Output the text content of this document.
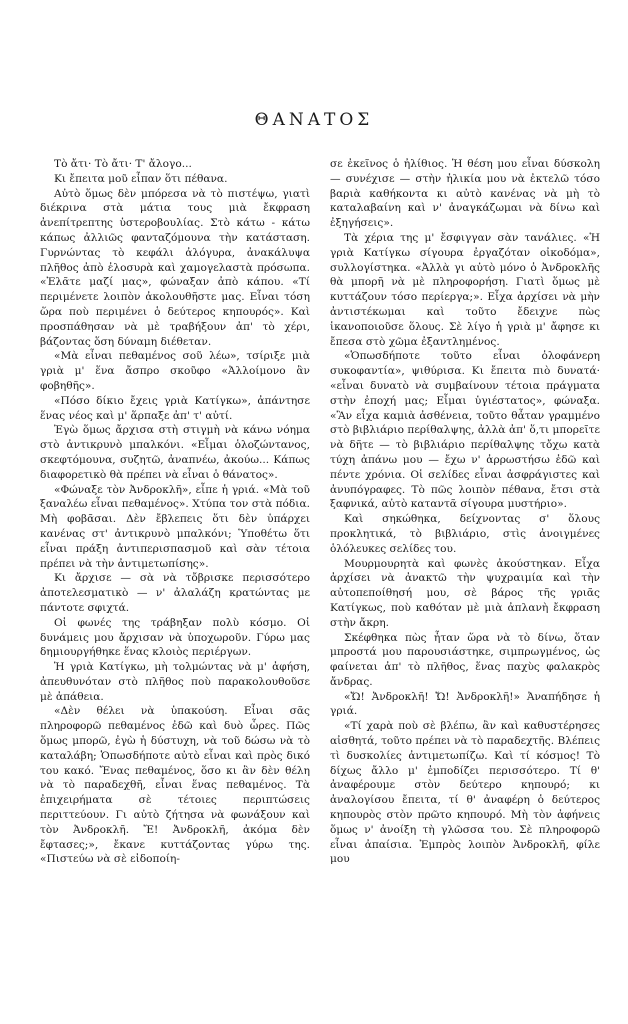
ΘΑΝΑΤΟΣ

Τὸ ἄτι· Τὸ ἄτι· Τ' ἄλογο...

Κι ἔπειτα μοῦ εἶπαν ὅτι πέθανα.

Αὐτὸ ὅμως δὲν μπόρεσα νὰ τὸ πιστέψω, γιατὶ διέκρινα στὰ μάτια τους μιὰ ἔκφραση ἀνεπίτρεπτης ὑστεροβουλίας. Στὸ κάτω - κάτω κάπως ἀλλιῶς φανταζόμουνα τὴν κατάσταση. Γυρνώντας τὸ κεφάλι ἀλόγυρα, ἀνακάλυψα πλῆθος ἀπὸ ἐλοσυρὰ καὶ χαμογελαστὰ πρόσωπα. «Ἐλᾶτε μαζί μας», φώναξαν ἀπὸ κάπου. «Τί περιμένετε λοιπὸν ἀκολουθῆστε μας. Εἶναι τόση ὥρα ποὺ περιμένει ὁ δεύτερος κηπουρός». Καὶ προσπάθησαν νὰ μὲ τραβήξουν ἀπ' τὸ χέρι, βάζοντας ὅση δύναμη διέθεταν.

«Μὰ εἶναι πεθαμένος σοῦ λέω», τσίριξε μιὰ γριὰ μ' ἕνα ἄσπρο σκοῦφο «Ἀλλοίμονο ἂν φοβηθῆς».

«Πόσο δίκιο ἔχεις γριὰ Κατίγκω», ἀπάντησε ἕνας νέος καὶ μ' ἅρπαξε ἀπ' τ' αὐτί.

Ἐγὼ ὅμως ἄρχισα στὴ στιγμὴ νὰ κάνω νόημα στὸ ἀντικρυνὸ μπαλκόνι. «Εἶμαι ὁλοζώντανος, σκεφτόμουνα, συζητῶ, ἀναπνέω, ἀκούω... Κάπως διαφορετικὸ θὰ πρέπει νὰ εἶναι ὁ θάνατος».

«Φώναξε τὸν Ἀνδροκλῆ», εἶπε ἡ γριά. «Μὰ τοῦ ξαναλέω εἶναι πεθαμένος». Χτύπα τον στὰ πόδια. Μὴ φοβᾶσαι. Δὲν ἔβλεπεις ὅτι δὲν ὑπάρχει κανένας στ' ἀντικρυνὸ μπαλκόνι; Ὑποθέτω ὅτι εἶναι πράξη ἀντιπερισπασμοῦ καὶ σὰν τέτοια πρέπει νὰ τὴν ἀντιμετωπίσης».

Κι ἄρχισε — σὰ νὰ τὄβρισκε περισσότερο ἀποτελεσματικὸ — ν' ἀλαλάζη κρατώντας με πάντοτε σφιχτά.

Οἱ φωνές της τράβηξαν πολὺ κόσμο. Οἱ δυνάμεις μου ἄρχισαν νὰ ὑποχωροῦν. Γύρω μας δημιουργήθηκε ἕνας κλοιὸς περιέργων.

Ἡ γριὰ Κατίγκω, μὴ τολμώντας νὰ μ' ἀφήση, ἀπευθυνόταν στὸ πλῆθος ποὺ παρακολουθοῦσε μὲ ἀπάθεια.

«Δὲν θέλει νὰ ὑπακούση. Εἶναι σᾶς πληροφορῶ πεθαμένος ἐδῶ καὶ δυὸ ὧρες. Πῶς ὅμως μπορῶ, ἐγὼ ἡ δύστυχη, νὰ τοῦ δώσω νὰ τὸ καταλάβη; Ὁπωσδήποτε αὐτὸ εἶναι καὶ πρὸς δικό του κακό. Ἔνας πεθαμένος, ὅσο κι ἂν δὲν θέλη νὰ τὸ παραδεχθῆ, εἶναι ἕνας πεθαμένος. Τὰ ἐπιχειρήματα σὲ τέτοιες περιπτώσεις περιττεύουν. Γι αὐτὸ ζήτησα νὰ φωνάξουν καὶ τὸν Ἀνδροκλῆ. Ἔ! Ἀνδροκλῆ, ἀκόμα δὲν ἔφτασες;», ἔκανε κυττάζοντας γύρω της. «Πιστεύω νὰ σὲ εἰδοποίη-

σε ἐκεῖνος ὁ ἠλίθιος. Ἡ θέση μου εἶναι δύσκολη — συνέχισε — στὴν ἡλικία μου νὰ ἐκτελῶ τόσο βαριὰ καθήκοντα κι αὐτὸ κανένας νὰ μὴ τὸ καταλαβαίνη καὶ ν' ἀναγκάζωμαι νὰ δίνω καὶ ἐξηγήσεις».

Τὰ χέρια της μ' ἔσφιγγαν σὰν τανάλιες. «Ἡ γριὰ Κατίγκω σίγουρα ἐργαζόταν οἰκοδόμα», συλλογίστηκα. «Ἀλλὰ γι αὐτὸ μόνο ὁ Ἀνδροκλῆς θὰ μπορῆ νὰ μὲ πληροφορήση. Γιατὶ ὅμως μὲ κυττάζουν τόσο περίεργα;». Εἶχα ἀρχίσει νὰ μὴν ἀντιστέκωμαι καὶ τοῦτο ἔδειχνε πὼς ἱκανοποιοῦσε ὅλους. Σὲ λίγο ἡ γριὰ μ' ἄφησε κι ἔπεσα στὸ χῶμα ἐξαντλημένος.

«Ὁπωσδήποτε τοῦτο εἶναι ὁλοφάνερη συκοφαντία», ψιθύρισα. Κι ἔπειτα πιὸ δυνατά· «εἶναι δυνατὸ νὰ συμβαίνουν τέτοια πράγματα στὴν ἐποχή μας; Εἶμαι ὑγιέστατος», φώναξα. «Ἂν εἶχα καμιὰ ἀσθένεια, τοῦτο θἆταν γραμμένο στὸ βιβλιάριο περίθαλψης, ἀλλὰ ἀπ' ὅ,τι μπορεῖτε νὰ δῆτε — τὸ βιβλιάριο περίθαλψης τὄχω κατὰ τύχη ἀπάνω μου — ἔχω ν' ἀρρωστήσω ἐδῶ καὶ πέντε χρόνια. Οἱ σελίδες εἶναι ἀσφράγιστες καὶ ἀνυπόγραφες. Τὸ πῶς λοιπὸν πέθανα, ἔτσι στὰ ξαφνικά, αὐτὸ καταντᾶ σίγουρα μυστήριο».

Καὶ σηκώθηκα, δείχνοντας σ' ὅλους προκλητικά, τὸ βιβλιάριο, στὶς ἀνοιγμένες ὁλόλευκες σελίδες του.

Μουρμουρητὰ καὶ φωνὲς ἀκούστηκαν. Εἶχα ἀρχίσει νὰ ἀνακτῶ τὴν ψυχραιμία καὶ τὴν αὐτοπεποίθησή μου, σὲ βάρος τῆς γριᾶς Κατίγκως, ποὺ καθόταν μὲ μιὰ ἀπλανὴ ἔκφραση στὴν ἄκρη.

Σκέφθηκα πὼς ἦταν ὥρα νὰ τὸ δίνω, ὅταν μπροστά μου παρουσιάστηκε, σιμπρωγμένος, ὡς φαίνεται ἀπ' τὸ πλῆθος, ἕνας παχὺς φαλακρὸς ἄνδρας.

«Ὤ! Ἀνδροκλῆ! Ὤ! Ἀνδροκλῆ!» Ἀναπήδησε ἡ γριά.

«Τί χαρὰ ποὺ σὲ βλέπω, ἂν καὶ καθυστέρησες αἰσθητά, τοῦτο πρέπει νὰ τὸ παραδεχτῆς. Βλέπεις τὶ δυσκολίες ἀντιμετωπίζω. Καὶ τί κόσμος! Τὸ δίχως ἄλλο μ' ἐμποδίζει περισσότερο. Τί θ' ἀναφέρουμε στὸν δεύτερο κηπουρό; κι ἀναλογίσου ἔπειτα, τί θ' ἀναφέρη ὁ δεύτερος κηπουρὸς στὸν πρῶτο κηπουρό. Μὴ τὸν ἀφήνεις ὅμως ν' ἀνοίξη τὴ γλῶσσα του. Σὲ πληροφορῶ εἶναι ἀπαίσια. Ἐμπρὸς λοιπὸν Ἀνδροκλῆ, φίλε μου
